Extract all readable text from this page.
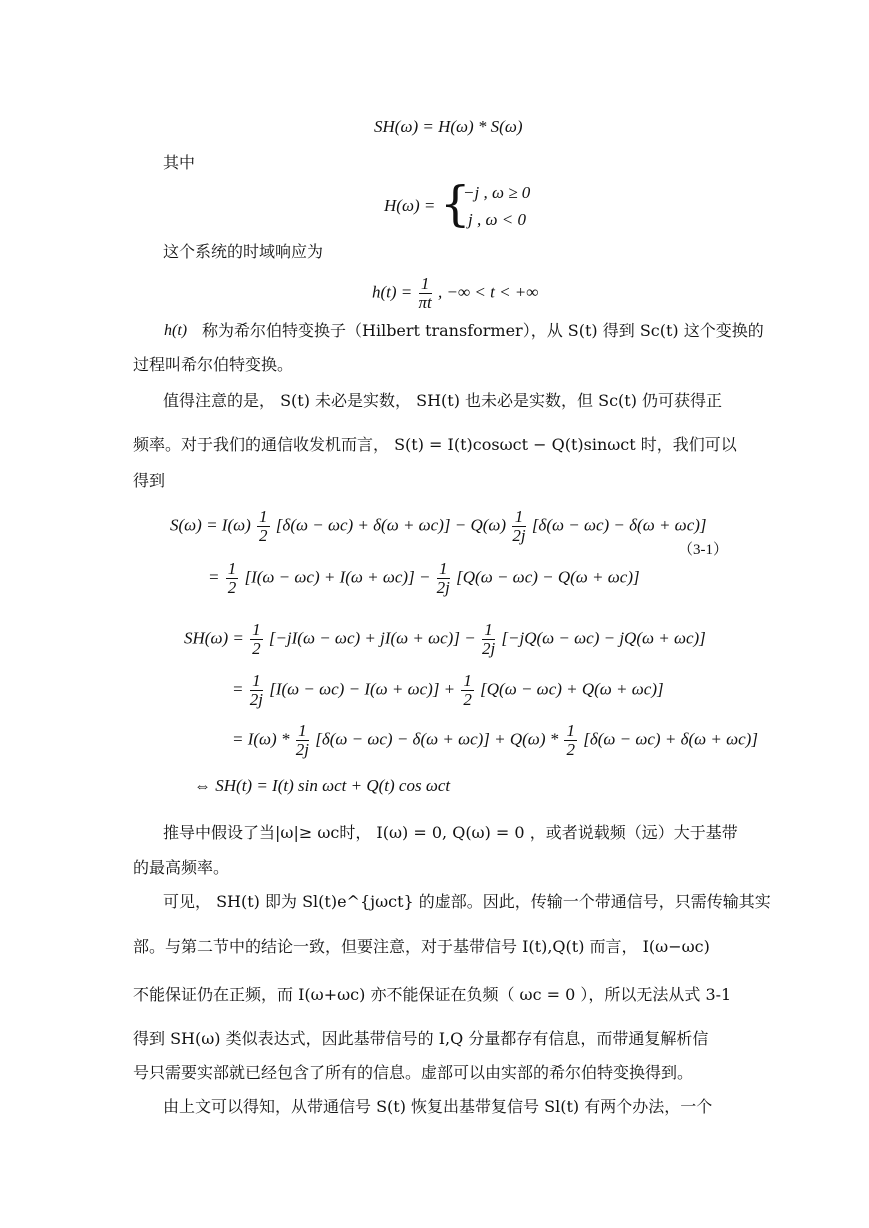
SH(ω) = H(ω) * S(ω)
其中
H(ω) = {
−j , ω ≥ 0
j , ω < 0
这个系统的时域响应为
$h(t) = \frac{1}{\pi t}$ , −∞ < t < +∞
h(t) 称为希尔伯特变换子（Hilbert transformer），从 S(t) 得到 Sc(t) 这个变换的
过程叫希尔伯特变换。
值得注意的是， S(t) 未必是实数， SH(t) 也未必是实数，但 Sc(t) 仍可获得正
频率。对于我们的通信收发机而言， S(t) = I(t)cosωct − Q(t)sinωct 时，我们可以
得到
$S(\omega) = I(\omega) \frac{1}{2} [\delta(\omega - \omega c) + \delta(\omega + \omega c)] - Q(\omega) \frac{1}{2j} [\delta(\omega - \omega c) - \delta(\omega + \omega c)]$
（3-1）
= $\frac{1}{2} [I(\omega - \omega c) + I(\omega + \omega c)] - \frac{1}{2j} [Q(\omega - \omega c) - Q(\omega + \omega c)]$
$SH(\omega) = \frac{1}{2} [-jI(\omega - \omega c) + jI(\omega + \omega c)] - \frac{1}{2j} [-jQ(\omega - \omega c) - jQ(\omega + \omega c)]$
= $\frac{1}{2j} [I(\omega - \omega c) - I(\omega + \omega c)] + \frac{1}{2} [Q(\omega - \omega c) + Q(\omega + \omega c)]$
= $I(\omega) * \frac{1}{2j} [\delta(\omega - \omega c) - \delta(\omega + \omega c)] + Q(\omega) * \frac{1}{2} [\delta(\omega - \omega c) + \delta(\omega + \omega c)]$
⇔ SH(t) = I(t) sin ωct + Q(t) cos ωct
推导中假设了当|ω|≥ ωc时， I(ω) = 0, Q(ω) = 0 ，或者说载频（远）大于基带
的最高频率。
可见， SH(t) 即为 Sl(t)e^{jωct} 的虚部。因此，传输一个带通信号，只需传输其实
部。与第二节中的结论一致，但要注意，对于基带信号 I(t),Q(t) 而言， I(ω−ωc)
不能保证仍在正频，而 I(ω+ωc) 亦不能保证在负频（ ωc = 0 ），所以无法从式 3-1
得到 SH(ω) 类似表达式，因此基带信号的 I,Q 分量都存有信息，而带通复解析信
号只需要实部就已经包含了所有的信息。虚部可以由实部的希尔伯特变换得到。
由上文可以得知，从带通信号 S(t) 恢复出基带复信号 Sl(t) 有两个办法，一个
